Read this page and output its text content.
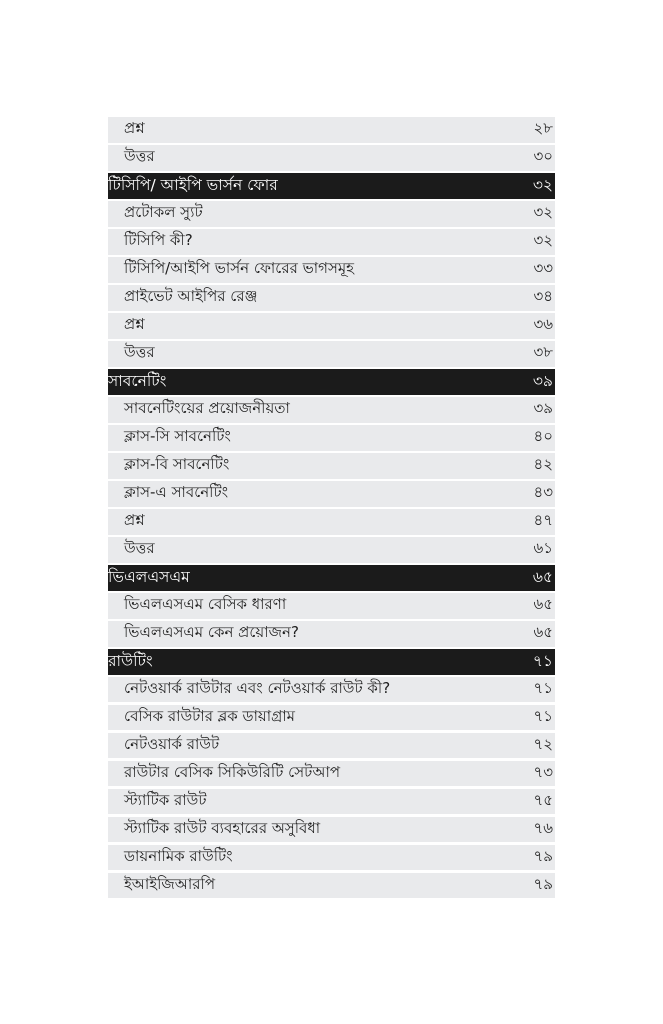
প্রশ্ন	২৮
উত্তর	৩০
টিসিপি/ আইপি ভার্সন ফোর	৩২
প্রটোকল স্যুট	৩২
টিসিপি কী?	৩২
টিসিপি/আইপি ভার্সন ফোরের ভাগসমূহ	৩৩
প্রাইভেট আইপির রেঞ্জ	৩৪
প্রশ্ন	৩৬
উত্তর	৩৮
সাবনেটিং	৩৯
সাবনেটিংয়ের প্রয়োজনীয়তা	৩৯
ক্লাস-সি সাবনেটিং	৪০
ক্লাস-বি সাবনেটিং	৪২
ক্লাস-এ সাবনেটিং	৪৩
প্রশ্ন	৪৭
উত্তর	৬১
ভিএলএসএম	৬৫
ভিএলএসএম বেসিক ধারণা	৬৫
ভিএলএসএম কেন প্রয়োজন?	৬৫
রাউটিং	৭১
নেটওয়ার্ক রাউটার এবং নেটওয়ার্ক রাউট কী?	৭১
বেসিক রাউটার ব্লক ডায়াগ্রাম	৭১
নেটওয়ার্ক রাউট	৭২
রাউটার বেসিক সিকিউরিটি সেটআপ	৭৩
স্ট্যাটিক রাউট	৭৫
স্ট্যাটিক রাউট ব্যবহারের অসুবিধা	৭৬
ডায়নামিক রাউটিং	৭৯
ইআইজিআরপি	৭৯
